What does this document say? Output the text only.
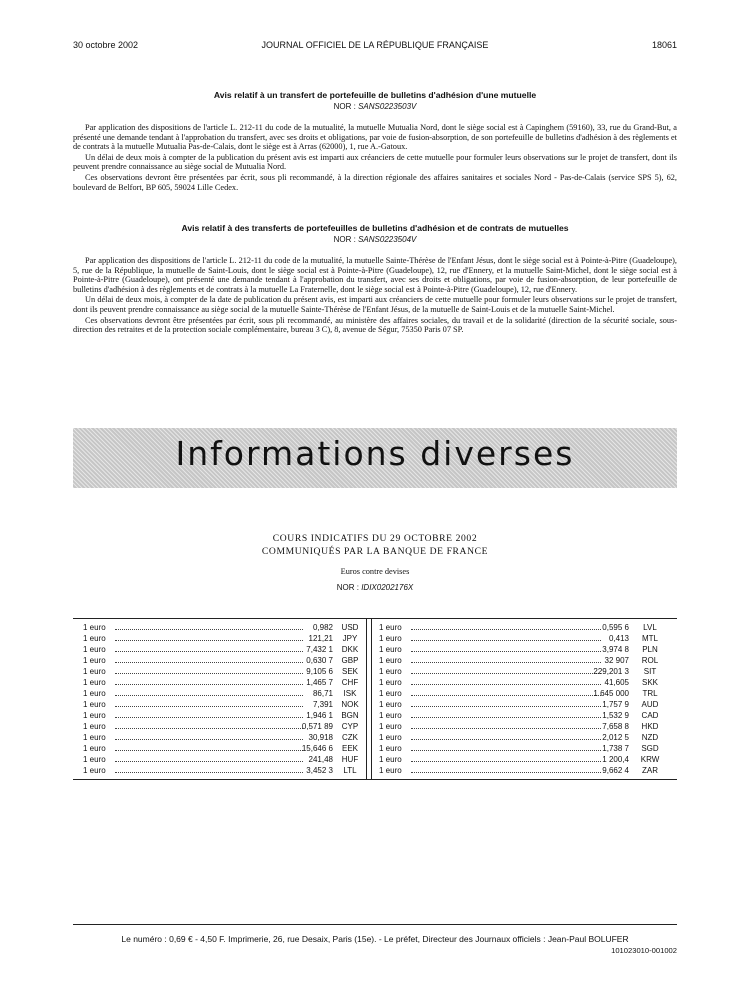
30 octobre 2002	JOURNAL OFFICIEL DE LA RÉPUBLIQUE FRANÇAISE	18061
Avis relatif à un transfert de portefeuille de bulletins d'adhésion d'une mutuelle
NOR : SANS0223503V

Par application des dispositions de l'article L. 212-11 du code de la mutualité, la mutuelle Mutualia Nord, dont le siège social est à Capinghem (59160), 33, rue du Grand-But, a présenté une demande tendant à l'approbation du transfert, avec ses droits et obligations, par voie de fusion-absorption, de son portefeuille de bulletins d'adhésion à des règlements et de contrats à la mutuelle Mutualia Pas-de-Calais, dont le siège est à Arras (62000), 1, rue A.-Gatoux.

Un délai de deux mois à compter de la publication du présent avis est imparti aux créanciers de cette mutuelle pour formuler leurs observations sur le projet de transfert, dont ils peuvent prendre connaissance au siège social de Mutualia Nord.

Ces observations devront être présentées par écrit, sous pli recommandé, à la direction régionale des affaires sanitaires et sociales Nord - Pas-de-Calais (service SPS 5), 62, boulevard de Belfort, BP 605, 59024 Lille Cedex.

Avis relatif à des transferts de portefeuilles de bulletins d'adhésion et de contrats de mutuelles
NOR : SANS0223504V

Par application des dispositions de l'article L. 212-11 du code de la mutualité, la mutuelle Sainte-Thérèse de l'Enfant Jésus, dont le siège social est à Pointe-à-Pitre (Guadeloupe), 5, rue de la République, la mutuelle de Saint-Louis, dont le siège social est à Pointe-à-Pitre (Guadeloupe), 12, rue d'Ennery, et la mutuelle Saint-Michel, dont le siège social est à Pointe-à-Pitre (Guadeloupe), ont présenté une demande tendant à l'approbation du transfert, avec ses droits et obligations, par voie de fusion-absorption, de leur portefeuille de bulletins d'adhésion à des règlements et de contrats à la mutuelle La Fraternelle, dont le siège social est à Pointe-à-Pitre (Guadeloupe), 12, rue d'Ennery.

Un délai de deux mois, à compter de la date de publication du présent avis, est imparti aux créanciers de cette mutuelle pour formuler leurs observations sur le projet de transfert, dont ils peuvent prendre connaissance au siège social de la mutuelle Sainte-Thérèse de l'Enfant Jésus, de la mutuelle de Saint-Louis et de la mutuelle Saint-Michel.

Ces observations devront être présentées par écrit, sous pli recommandé, au ministère des affaires sociales, du travail et de la solidarité (direction de la sécurité sociale, sous-direction des retraites et de la protection sociale complémentaire, bureau 3 C), 8, avenue de Ségur, 75350 Paris 07 SP.

Informations diverses
COURS INDICATIFS DU 29 OCTOBRE 2002
COMMUNIQUÉS PAR LA BANQUE DE FRANCE
Euros contre devises
NOR : IDIX0202176X
1 euro	0,982	USD
1 euro	121,21	JPY
1 euro	7,432 1	DKK
1 euro	0,630 7	GBP
1 euro	9,105 6	SEK
1 euro	1,465 7	CHF
1 euro	86,71	ISK
1 euro	7,391	NOK
1 euro	1,946 1	BGN
1 euro	0,571 89	CYP
1 euro	30,918	CZK
1 euro	15,646 6	EEK
1 euro	241,48	HUF
1 euro	3,452 3	LTL
1 euro	0,595 6	LVL
1 euro	0,413	MTL
1 euro	3,974 8	PLN
1 euro	32 907	ROL
1 euro	229,201 3	SIT
1 euro	41,605	SKK
1 euro	1 645 000	TRL
1 euro	1,757 9	AUD
1 euro	1,532 9	CAD
1 euro	7,658 8	HKD
1 euro	2,012 5	NZD
1 euro	1,738 7	SGD
1 euro	1 200,4	KRW
1 euro	9,662 4	ZAR
Le numéro : 0,69 € - 4,50 F. Imprimerie, 26, rue Desaix, Paris (15e). - Le préfet, Directeur des Journaux officiels : Jean-Paul BOLUFER
101023010-001002
